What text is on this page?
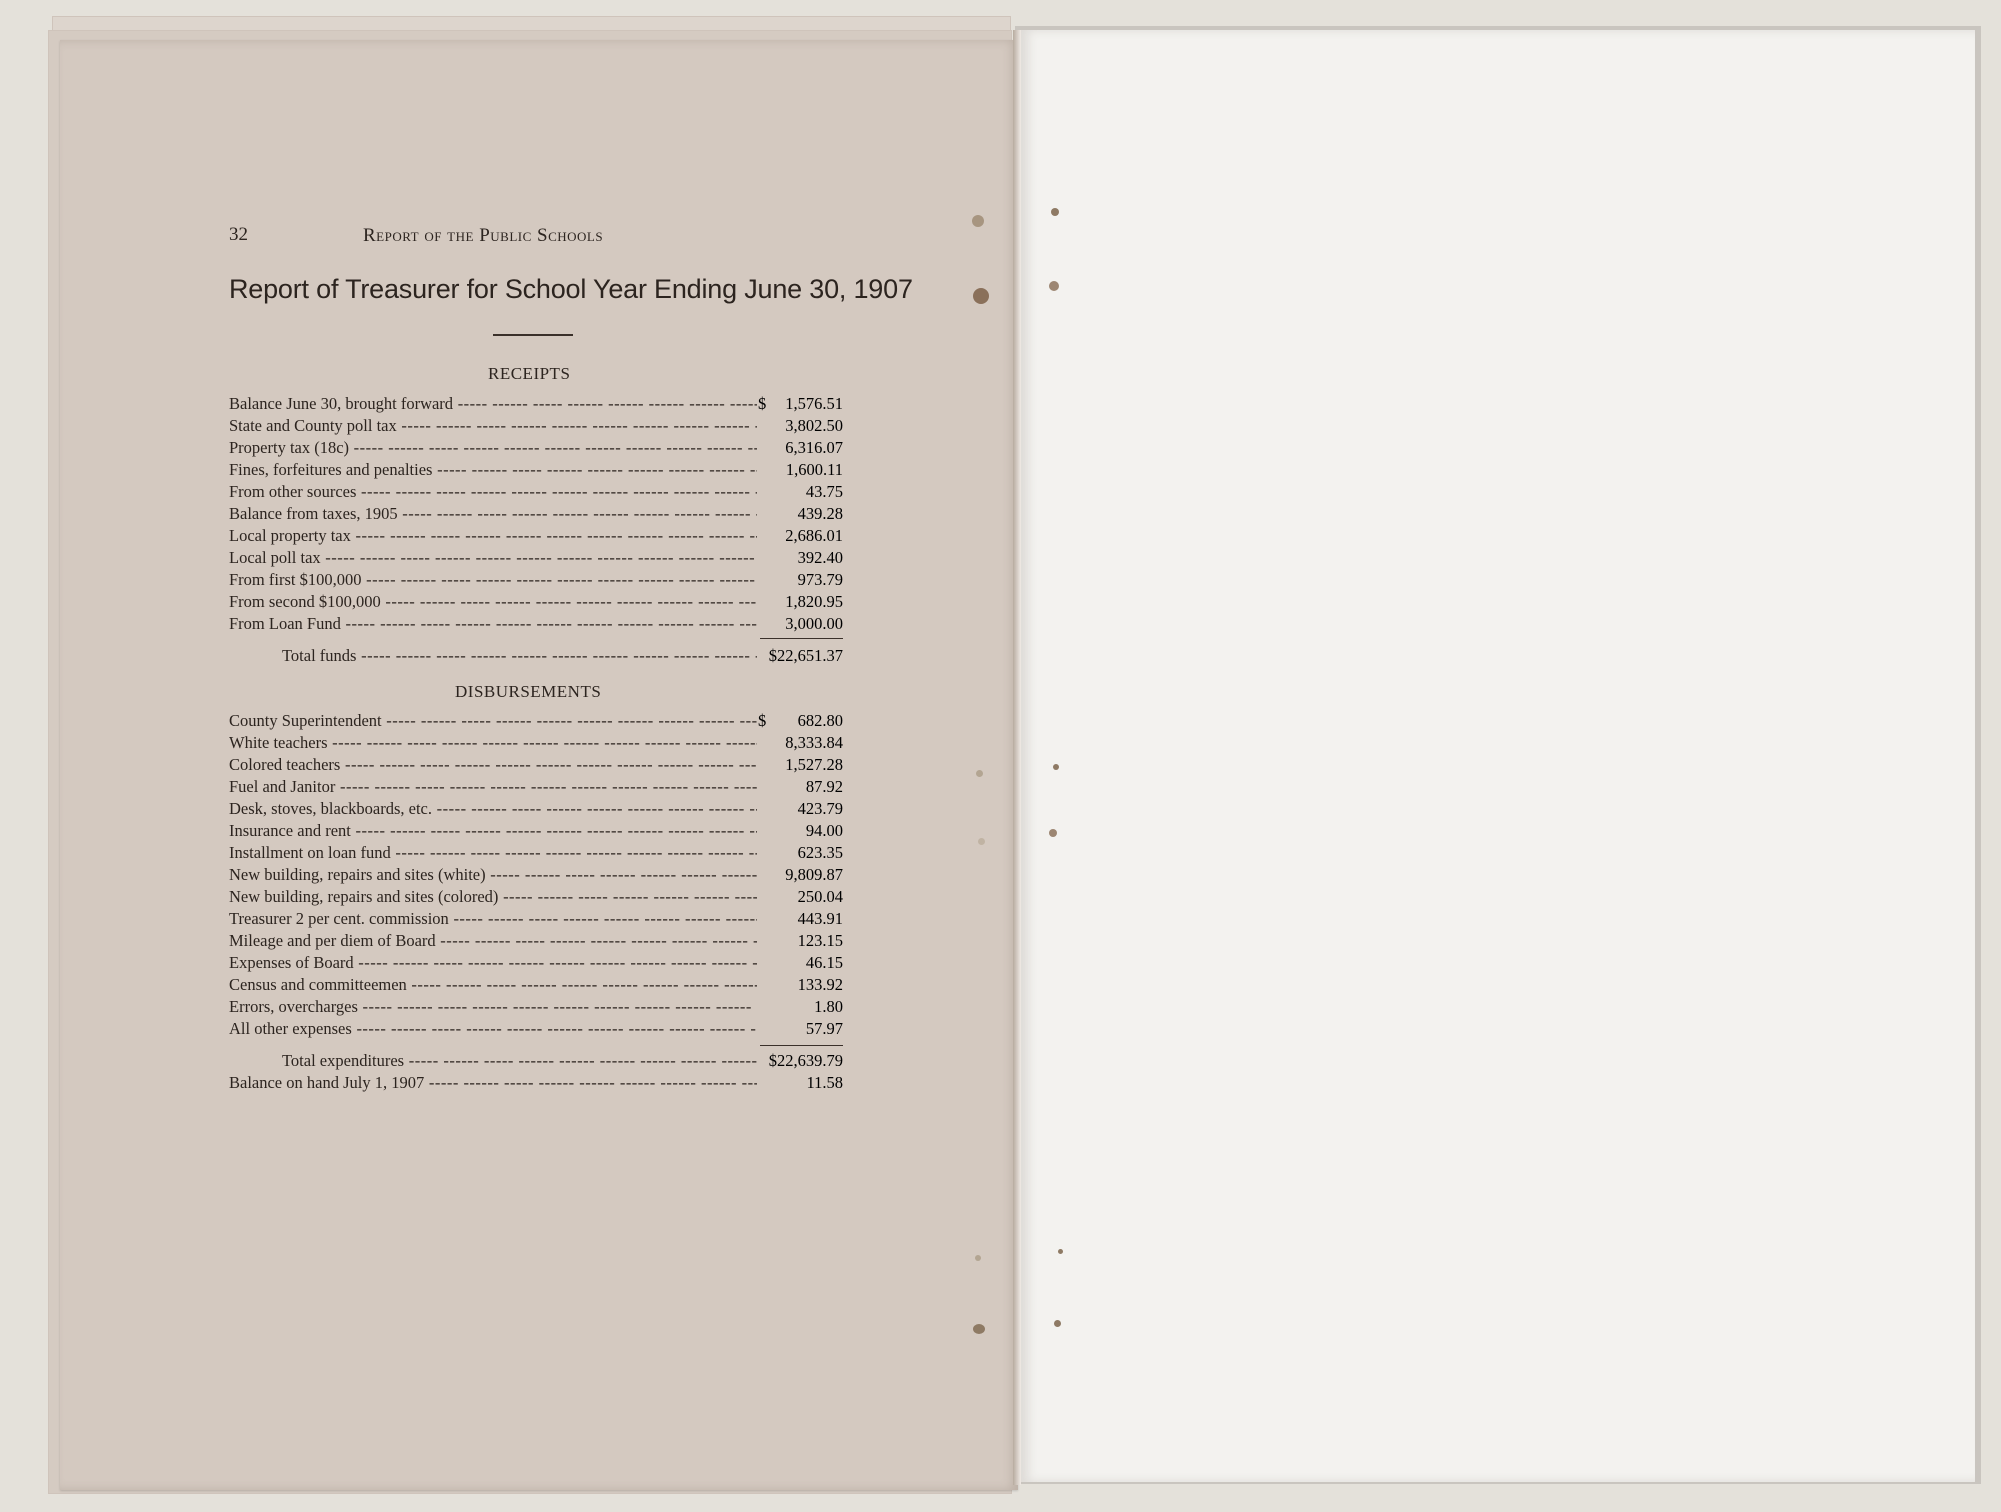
32	Report of the Public Schools
Report of Treasurer for School Year Ending June 30, 1907
RECEIPTS
Balance June 30, brought forward -----	$ 1,576.51
State and County poll tax -----	3,802.50
Property tax (18c) -----	6,316.07
Fines, forfeitures and penalties -----	1,600.11
From other sources -----	43.75
Balance from taxes, 1905 -----	439.28
Local property tax -----	2,686.01
Local poll tax -----	392.40
From first $100,000 -----	973.79
From second $100,000 -----	1,820.95
From Loan Fund -----	3,000.00
Total funds -----	$22,651.37
DISBURSEMENTS
County Superintendent -----	$ 682.80
White teachers -----	8,333.84
Colored teachers -----	1,527.28
Fuel and Janitor -----	87.92
Desk, stoves, blackboards, etc. -----	423.79
Insurance and rent -----	94.00
Installment on loan fund -----	623.35
New building, repairs and sites (white) -----	9,809.87
New building, repairs and sites (colored) -----	250.04
Treasurer 2 per cent. commission -----	443.91
Mileage and per diem of Board -----	123.15
Expenses of Board -----	46.15
Census and committeemen -----	133.92
Errors, overcharges -----	1.80
All other expenses -----	57.97
Total expenditures -----	$22,639.79
Balance on hand July 1, 1907 -----	11.58
